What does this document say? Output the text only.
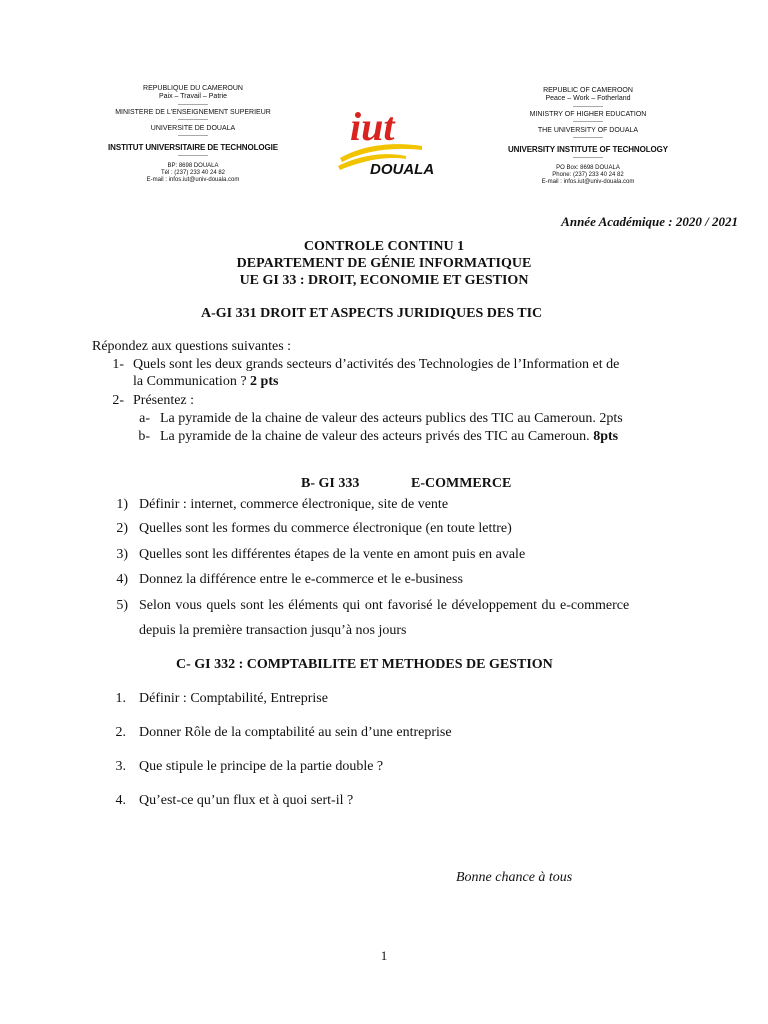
REPUBLIQUE DU CAMEROUN
Paix – Travail – Patrie
---------------
MINISTERE DE L'ENSEIGNEMENT SUPERIEUR
---------------
UNIVERSITE DE DOUALA
---------------
INSTITUT UNIVERSITAIRE DE TECHNOLOGIE
---------------
BP: 8698 DOUALA
Tél : (237) 233 40 24 82
E-mail : infos.iut@univ-douala.com
iut
DOUALA
REPUBLIC OF CAMEROON
Peace – Work – Fotherland
---------------
MINISTRY OF HIGHER EDUCATION
---------------
THE UNIVERSITY OF DOUALA
---------------
UNIVERSITY INSTITUTE OF TECHNOLOGY
---------------
PO Box: 8698 DOUALA
Phone: (237) 233 40 24 82
E-mail : infos.iut@univ-douala.com
Année Académique : 2020 / 2021
CONTROLE CONTINU 1
DEPARTEMENT DE GÉNIE INFORMATIQUE
UE GI 33 : DROIT, ECONOMIE ET GESTION
A-GI 331 DROIT ET ASPECTS JURIDIQUES DES TIC
Répondez aux questions suivantes :
1- Quels sont les deux grands secteurs d’activités des Technologies de l’Information et de
la Communication ? 2 pts
2- Présentez :
a- La pyramide de la chaine de valeur des acteurs publics des TIC au Cameroun. 2pts
b- La pyramide de la chaine de valeur des acteurs privés des TIC au Cameroun. 8pts
B- GI 333	E-COMMERCE
1) Définir : internet, commerce électronique, site de vente
2) Quelles sont les formes du commerce électronique (en toute lettre)
3) Quelles sont les différentes étapes de la vente en amont puis en avale
4) Donnez la différence entre le e-commerce et le e-business
5) Selon vous quels sont les éléments qui ont favorisé le développement du e-commerce
depuis la première transaction jusqu’à nos jours
C- GI 332 : COMPTABILITE ET METHODES DE GESTION
1. Définir : Comptabilité, Entreprise
2. Donner Rôle de la comptabilité au sein d’une entreprise
3. Que stipule le principe de la partie double ?
4. Qu’est-ce qu’un flux et à quoi sert-il ?
Bonne chance à tous
1
